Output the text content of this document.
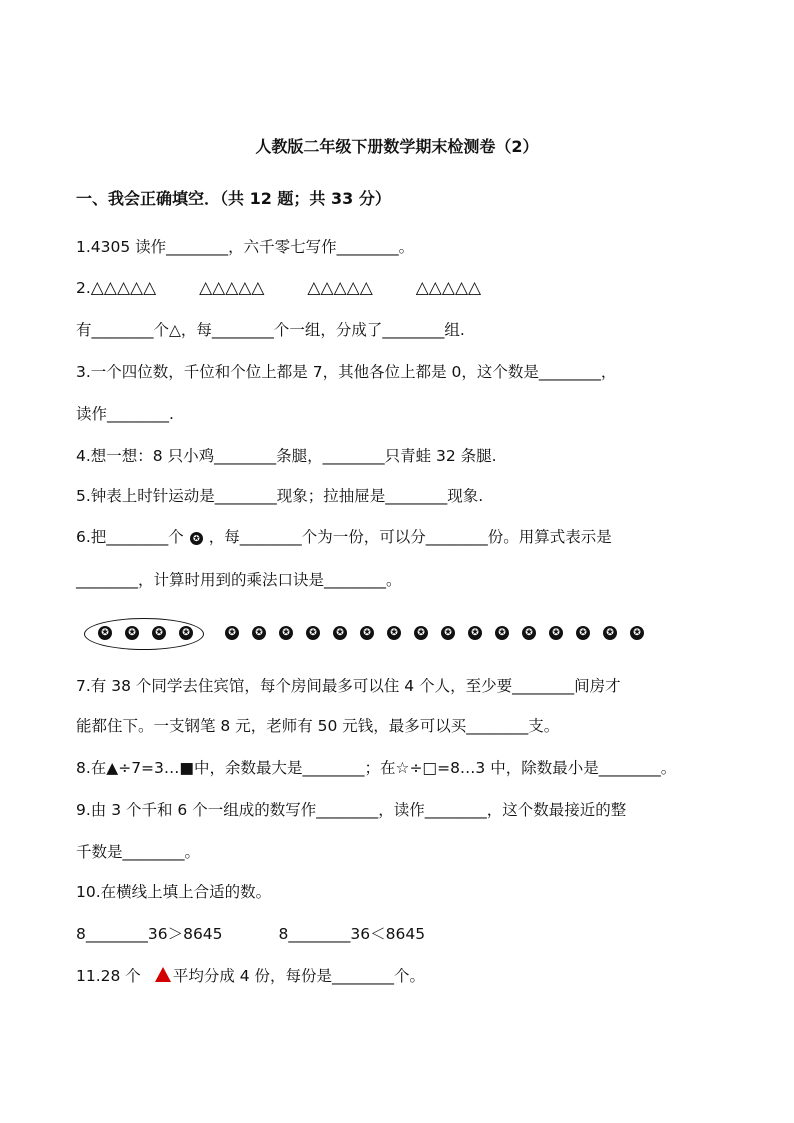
人教版二年级下册数学期末检测卷（2）
一、我会正确填空．（共 12 题；共 33 分）
1.4305 读作________，六千零七写作________。
2.△△△△△	△△△△△	△△△△△	△△△△△
有________个△，每________个一组，分成了________组.
3.一个四位数，千位和个位上都是 7，其他各位上都是 0，这个数是________，
读作________.
4.想一想：8 只小鸡________条腿，________只青蛙 32 条腿.
5.钟表上时针运动是________现象；拉抽屉是________现象.
6.把________个 ✪ ，每________个为一份，可以分________份。用算式表示是
________，计算时用到的乘法口诀是________。
✪	✪	✪	✪	✪	✪	✪	✪	✪	✪	✪	✪	✪	✪	✪	✪	✪	✪	✪	✪
7.有 38 个同学去住宾馆，每个房间最多可以住 4 个人，至少要________间房才
能都住下。一支钢笔 8 元，老师有 50 元钱，最多可以买________支。
8.在▲÷7=3…■中，余数最大是________；在☆÷□=8…3 中，除数最小是________。
9.由 3 个千和 6 个一组成的数写作________，读作________，这个数最接近的整
千数是________。
10.在横线上填上合适的数。
8________36＞8645	8________36＜8645
11.28 个 平均分成 4 份，每份是________个。
